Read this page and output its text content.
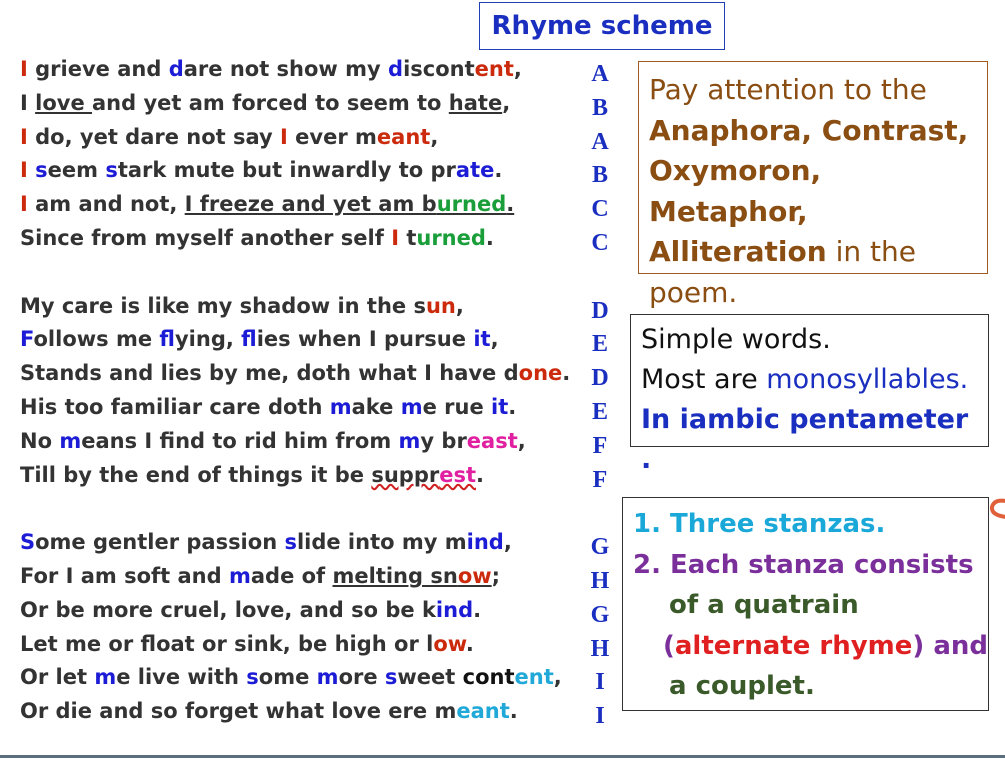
Rhyme scheme
I grieve and dare not show my discontent,
I love and yet am forced to seem to hate,
I do, yet dare not say I ever meant,
I seem stark mute but inwardly to prate.
I am and not, I freeze and yet am burned.
Since from myself another self I turned.
My care is like my shadow in the sun,
Follows me flying, flies when I pursue it,
Stands and lies by me, doth what I have done.
His too familiar care doth make me rue it.
No means I find to rid him from my breast,
Till by the end of things it be supprest.
Some gentler passion slide into my mind,
For I am soft and made of melting snow;
Or be more cruel, love, and so be kind.
Let me or float or sink, be high or low.
Or let me live with some more sweet content,
Or die and so forget what love ere meant.
A
B
A
B
C
C
D
E
D
E
F
F
G
H
G
H
I
I
Pay attention to the
Anaphora, Contrast, Oxymoron, Metaphor, Alliteration in the poem.
Simple words.
Most are monosyllables.
In iambic pentameter .
1. Three stanzas.
2. Each stanza consists
of a quatrain
(alternate rhyme) and
a couplet.
